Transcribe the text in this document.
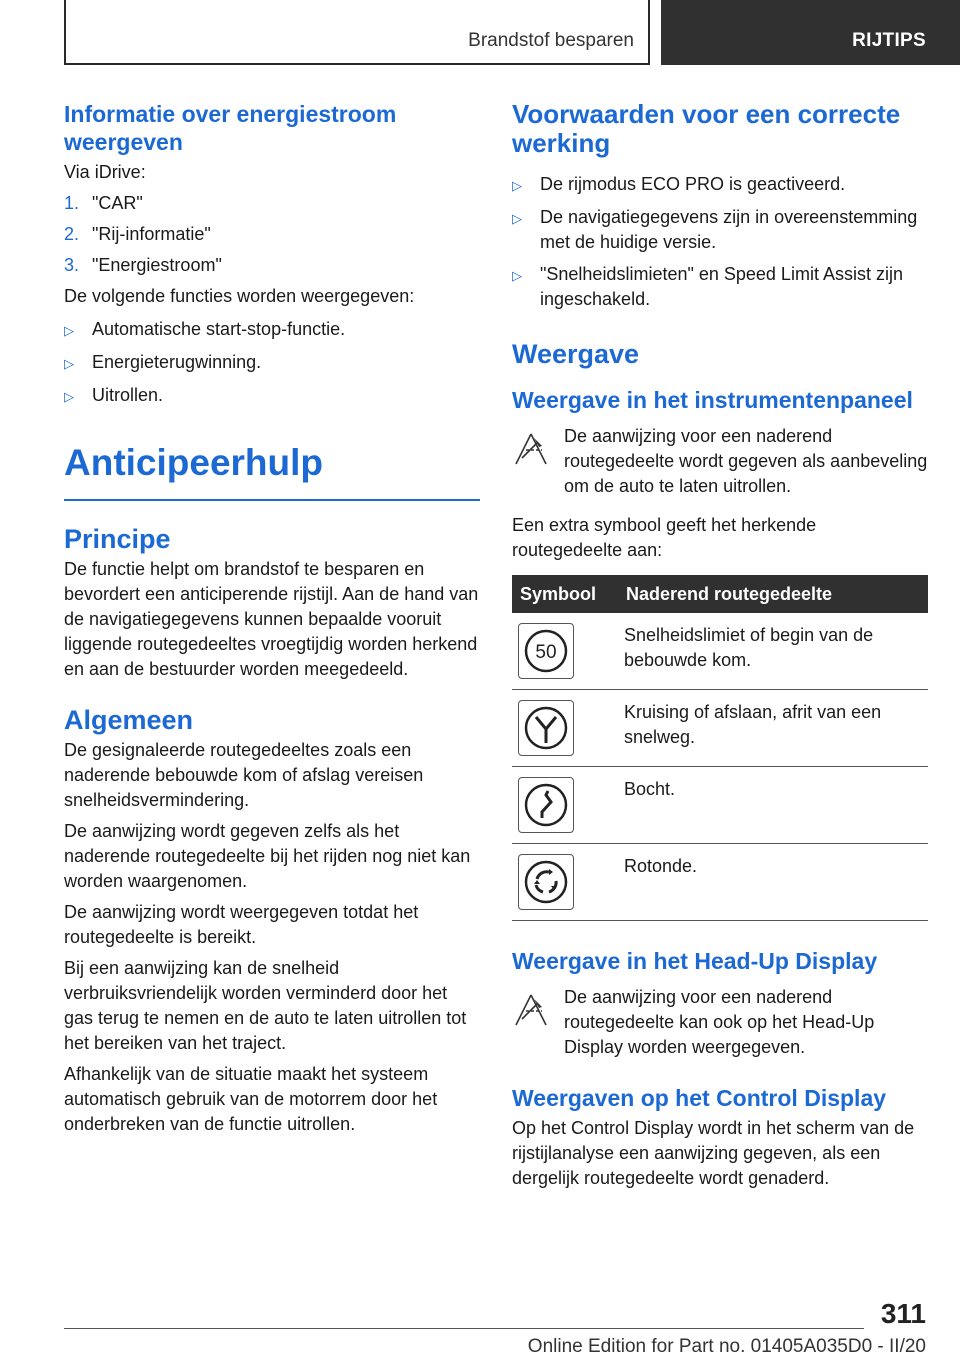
Brandstof besparen	RIJTIPS
Informatie over energiestroom weergeven

Via iDrive:

1. "CAR"
2. "Rij-informatie"
3. "Energiestroom"

De volgende functies worden weergegeven:

▷	Automatische start-stop-functie.
▷	Energieterugwinning.
▷	Uitrollen.
Anticipeerhulp
Principe

De functie helpt om brandstof te besparen en bevordert een anticiperende rijstijl. Aan de hand van de navigatiegegevens kunnen bepaalde vooruit liggende routegedeeltes vroegtijdig worden herkend en aan de bestuurder worden meegedeeld.

Algemeen

De gesignaleerde routegedeeltes zoals een naderende bebouwde kom of afslag vereisen snelheidsvermindering.

De aanwijzing wordt gegeven zelfs als het naderende routegedeelte bij het rijden nog niet kan worden waargenomen.

De aanwijzing wordt weergegeven totdat het routegedeelte is bereikt.

Bij een aanwijzing kan de snelheid verbruiksvriendelijk worden verminderd door het gas terug te nemen en de auto te laten uitrollen tot het bereiken van het traject.

Afhankelijk van de situatie maakt het systeem automatisch gebruik van de motorrem door het onderbreken van de functie uitrollen.

Voorwaarden voor een correcte werking
▷	De rijmodus ECO PRO is geactiveerd.
▷	De navigatiegegevens zijn in overeenstemming met de huidige versie.
▷	"Snelheidslimieten" en Speed Limit Assist zijn ingeschakeld.
Weergave
Weergave in het instrumentenpaneel
De aanwijzing voor een naderend routegedeelte wordt gegeven als aanbeveling om de auto te laten uitrollen.

Een extra symbool geeft het herkende routegedeelte aan:

Symbool	Naderend routegedeelte

50	Snelheidslimiet of begin van de bebouwde kom.

	Kruising of afslaan, afrit van een snelweg.

	Bocht.

	Rotonde.
Weergave in het Head-Up Display
De aanwijzing voor een naderend routegedeelte kan ook op het Head-Up Display worden weergegeven.
Weergaven op het Control Display

Op het Control Display wordt in het scherm van de rijstijlanalyse een aanwijzing gegeven, als een dergelijk routegedeelte wordt genaderd.

311
Online Edition for Part no. 01405A035D0 - II/20
